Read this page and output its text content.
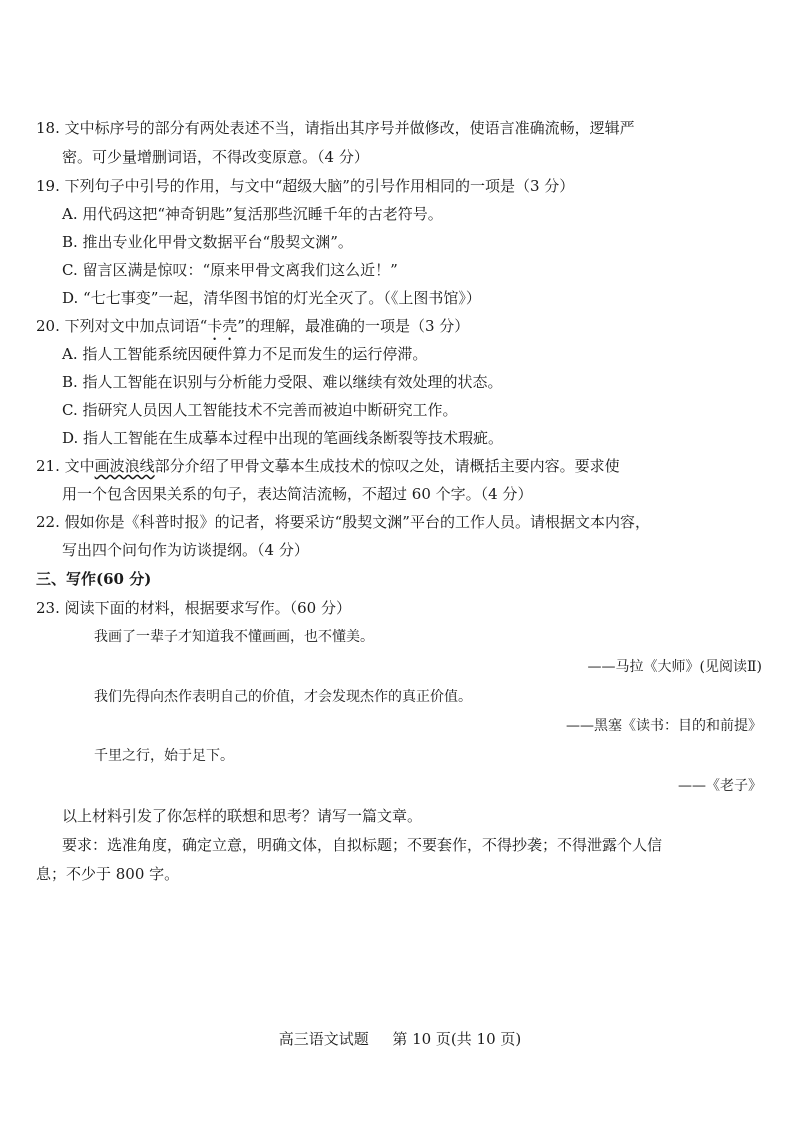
18. 文中标序号的部分有两处表述不当，请指出其序号并做修改，使语言准确流畅，逻辑严
密。可少量增删词语，不得改变原意。（4 分）
19. 下列句子中引号的作用，与文中“超级大脑”的引号作用相同的一项是（3 分）
A. 用代码这把“神奇钥匙”复活那些沉睡千年的古老符号。
B. 推出专业化甲骨文数据平台“殷契文渊”。
C. 留言区满是惊叹：“原来甲骨文离我们这么近！”
D. “七七事变”一起，清华图书馆的灯光全灭了。（《上图书馆》）
20. 下列对文中加点词语“卡壳”的理解，最准确的一项是（3 分）
A. 指人工智能系统因硬件算力不足而发生的运行停滞。
B. 指人工智能在识别与分析能力受限、难以继续有效处理的状态。
C. 指研究人员因人工智能技术不完善而被迫中断研究工作。
D. 指人工智能在生成摹本过程中出现的笔画线条断裂等技术瑕疵。
21. 文中画波浪线部分介绍了甲骨文摹本生成技术的惊叹之处，请概括主要内容。要求使
用一个包含因果关系的句子，表达简洁流畅，不超过 60 个字。（4 分）
22. 假如你是《科普时报》的记者，将要采访“殷契文渊”平台的工作人员。请根据文本内容，
写出四个问句作为访谈提纲。（4 分）
三、写作(60 分)
23. 阅读下面的材料，根据要求写作。（60 分）
我画了一辈子才知道我不懂画画，也不懂美。
——马拉《大师》(见阅读Ⅱ)
我们先得向杰作表明自己的价值，才会发现杰作的真正价值。
——黑塞《读书：目的和前提》
千里之行，始于足下。
——《老子》
以上材料引发了你怎样的联想和思考？请写一篇文章。
要求：选准角度，确定立意，明确文体，自拟标题；不要套作，不得抄袭；不得泄露个人信
息；不少于 800 字。
高三语文试题 第 10 页(共 10 页)
